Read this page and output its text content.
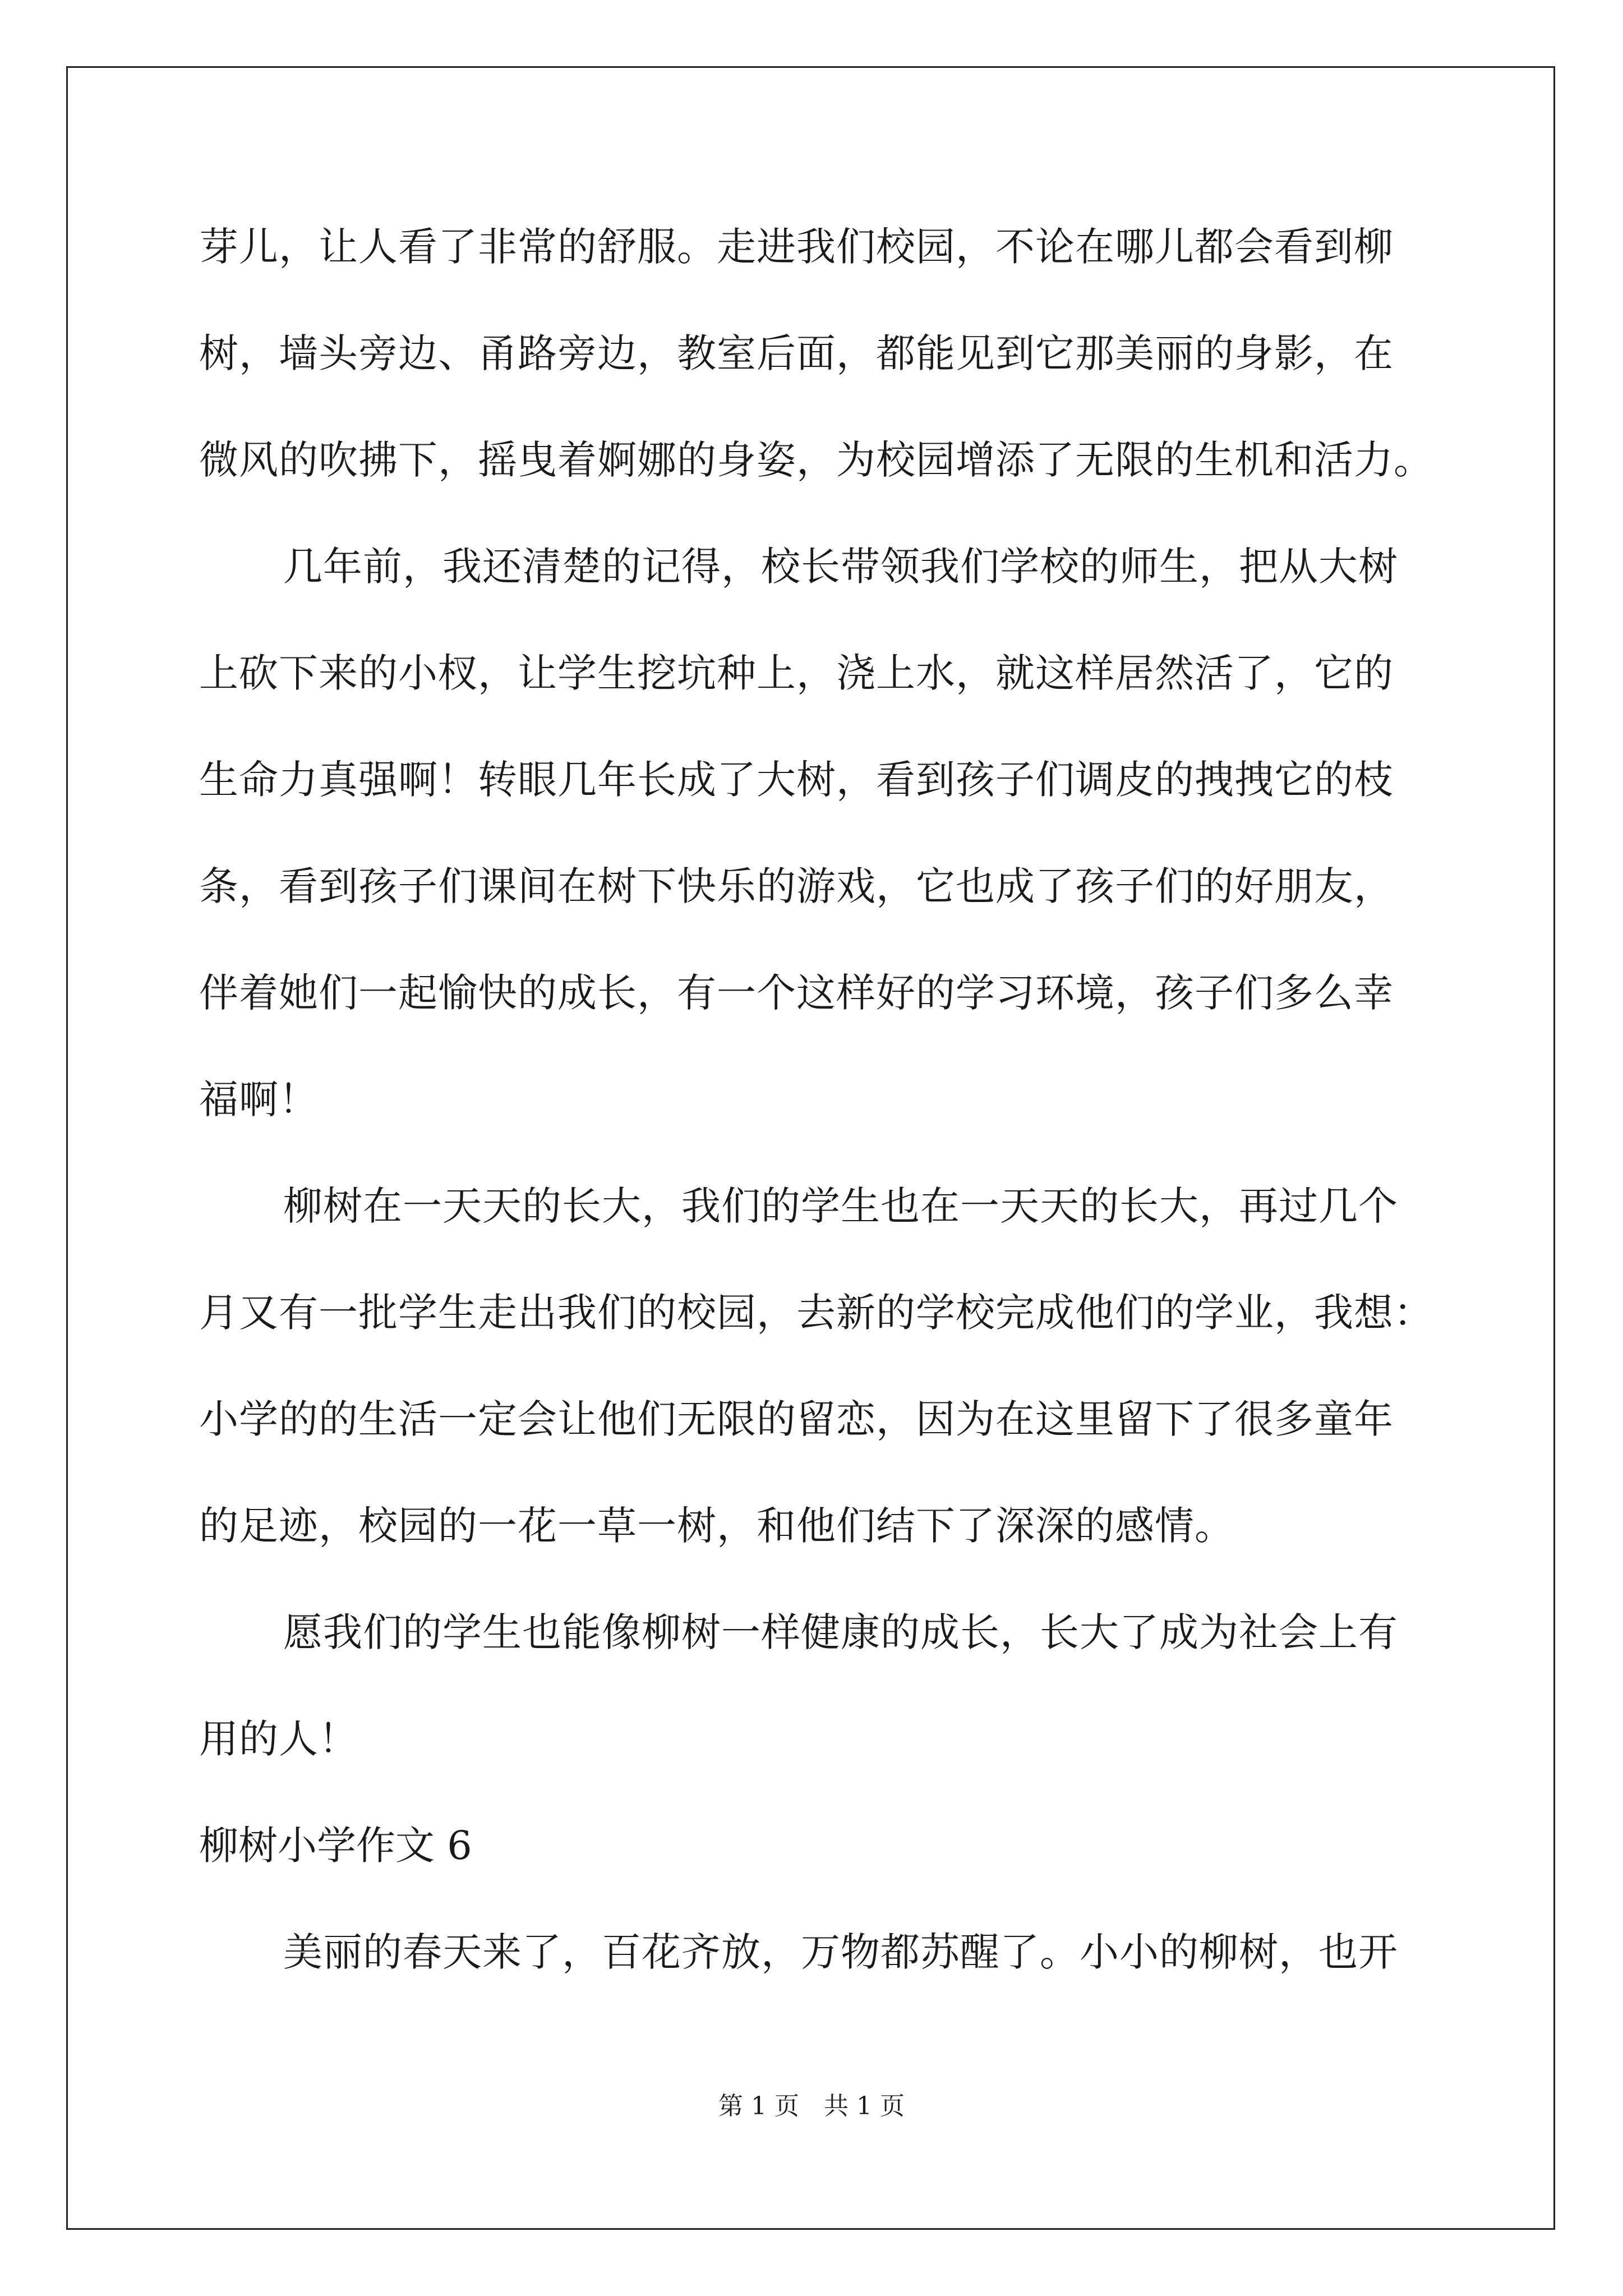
芽儿，让人看了非常的舒服。走进我们校园，不论在哪儿都会看到柳
树，墙头旁边、甬路旁边，教室后面，都能见到它那美丽的身影，在
微风的吹拂下，摇曳着婀娜的身姿，为校园增添了无限的生机和活力。
几年前，我还清楚的记得，校长带领我们学校的师生，把从大树
上砍下来的小杈，让学生挖坑种上，浇上水，就这样居然活了，它的
生命力真强啊！转眼几年长成了大树，看到孩子们调皮的拽拽它的枝
条，看到孩子们课间在树下快乐的游戏，它也成了孩子们的好朋友，
伴着她们一起愉快的成长，有一个这样好的学习环境，孩子们多么幸
福啊！
柳树在一天天的长大，我们的学生也在一天天的长大，再过几个
月又有一批学生走出我们的校园，去新的学校完成他们的学业，我想：
小学的的生活一定会让他们无限的留恋，因为在这里留下了很多童年
的足迹，校园的一花一草一树，和他们结下了深深的感情。
愿我们的学生也能像柳树一样健康的成长，长大了成为社会上有
用的人！
柳树小学作文 6
美丽的春天来了，百花齐放，万物都苏醒了。小小的柳树，也开
第 1 页　共 1 页
